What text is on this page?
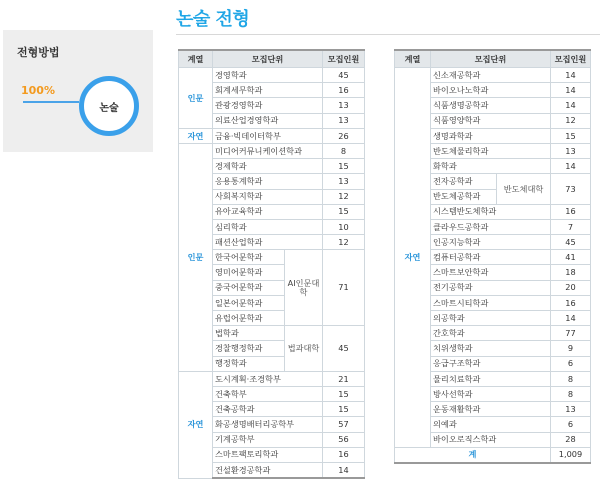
전형방법
100%
논술
논술 전형
계열	모집단위		모집인원
인문	경영학과		45
	회계세무학과		16
	관광경영학과		13
	의료산업경영학과		13
자연	금융·빅데이터학부		26
인문	미디어커뮤니케이션학과		8
	경제학과		15
	응용통계학과		13
	사회복지학과		12
	유아교육학과		15
	심리학과		10
	패션산업학과		12
	한국어문학과	AI인문대학	71
	영미어문학과		
	중국어문학과		
	일본어문학과		
	유럽어문학과		
	법학과	법과대학	45
	경찰행정학과		
	행정학과		
자연	도시계획·조경학부		21
	건축학부		15
	건축공학과		15
	화공생명배터리공학부		57
	기계공학부		56
	스마트팩토리학과		16
	건설환경공학과		14
계열	모집단위		모집인원
자연	신소재공학과		14
	바이오나노학과		14
	식품생명공학과		14
	식품영양학과		12
	생명과학과		15
	반도체물리학과		13
	화학과		14
	전자공학과	반도체대학	73
	반도체공학과		
	시스템반도체학과		16
	클라우드공학과		7
	인공지능학과		45
	컴퓨터공학과		41
	스마트보안학과		18
	전기공학과		20
	스마트시티학과		16
	의공학과		14
	간호학과		77
	치위생학과		9
	응급구조학과		6
	물리치료학과		8
	방사선학과		8
	운동재활학과		13
	의예과		6
	바이오로직스학과		28
계			1,009
